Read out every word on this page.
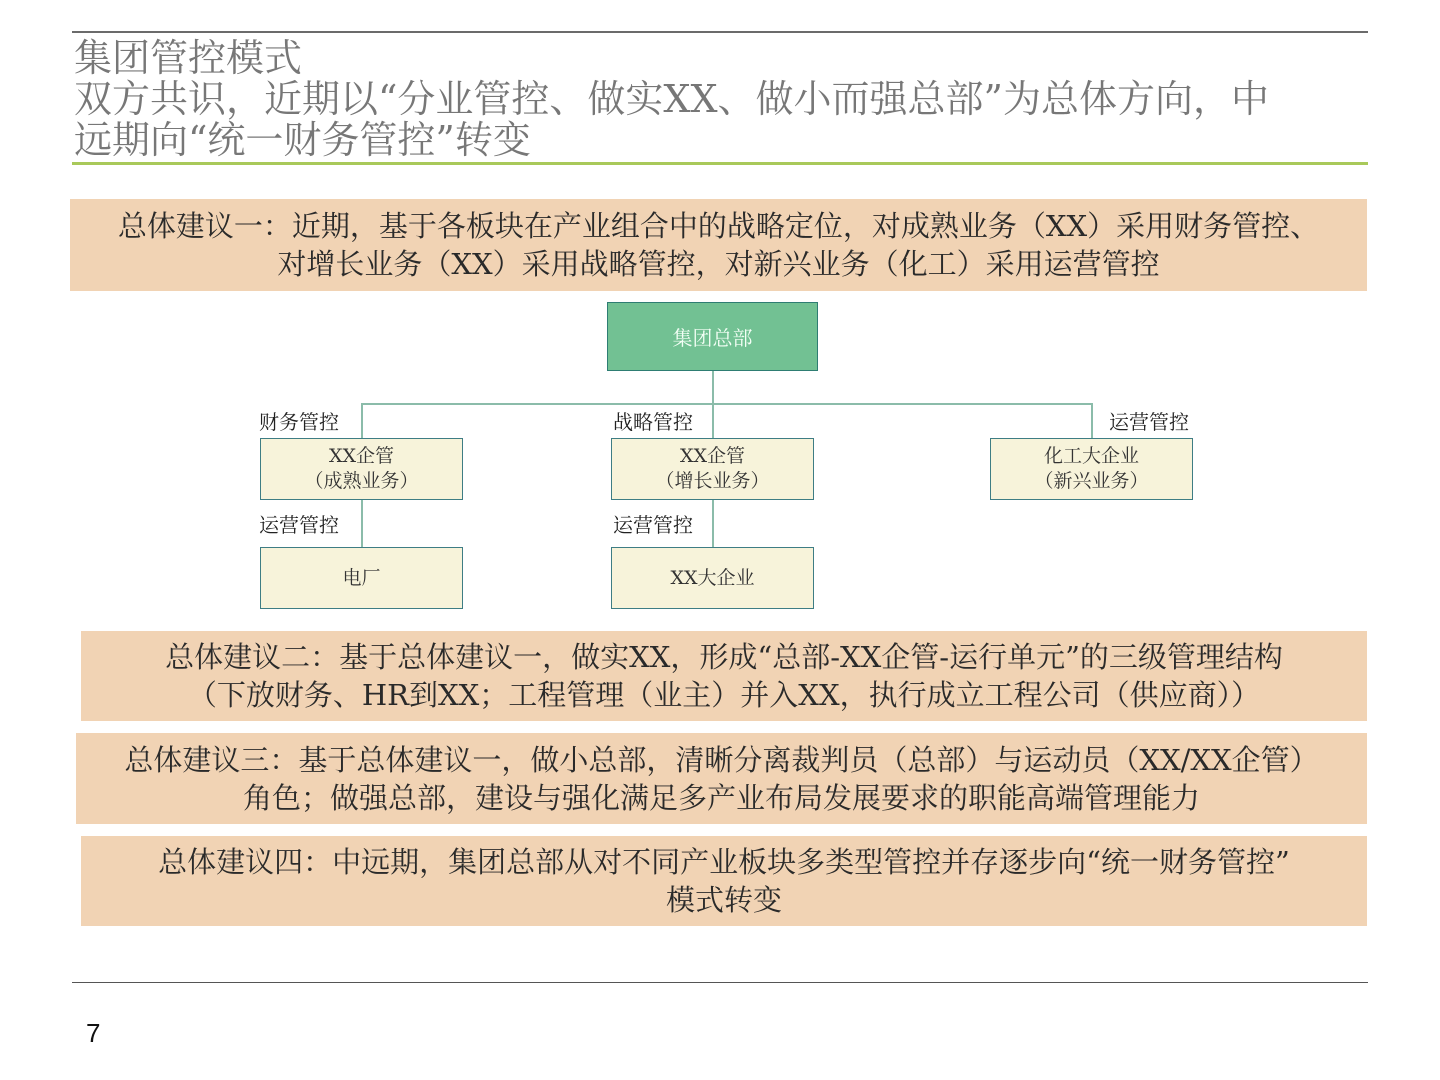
集团管控模式
双方共识，近期以“分业管控、做实XX、做小而强总部”为总体方向，中
远期向“统一财务管控”转变
总体建议一：近期，基于各板块在产业组合中的战略定位，对成熟业务（XX）采用财务管控、
对增长业务（XX）采用战略管控，对新兴业务（化工）采用运营管控
集团总部
财务管控	战略管控	运营管控
XX企管
（成熟业务）
XX企管
（增长业务）
化工大企业
（新兴业务）
运营管控	运营管控
电厂	XX大企业
总体建议二：基于总体建议一，做实XX，形成“总部-XX企管-运行单元”的三级管理结构
（下放财务、HR到XX；工程管理（业主）并入XX，执行成立工程公司（供应商））
总体建议三：基于总体建议一，做小总部，清晰分离裁判员（总部）与运动员（XX/XX企管）
角色；做强总部，建设与强化满足多产业布局发展要求的职能高端管理能力
总体建议四：中远期，集团总部从对不同产业板块多类型管控并存逐步向“统一财务管控”
模式转变
7
